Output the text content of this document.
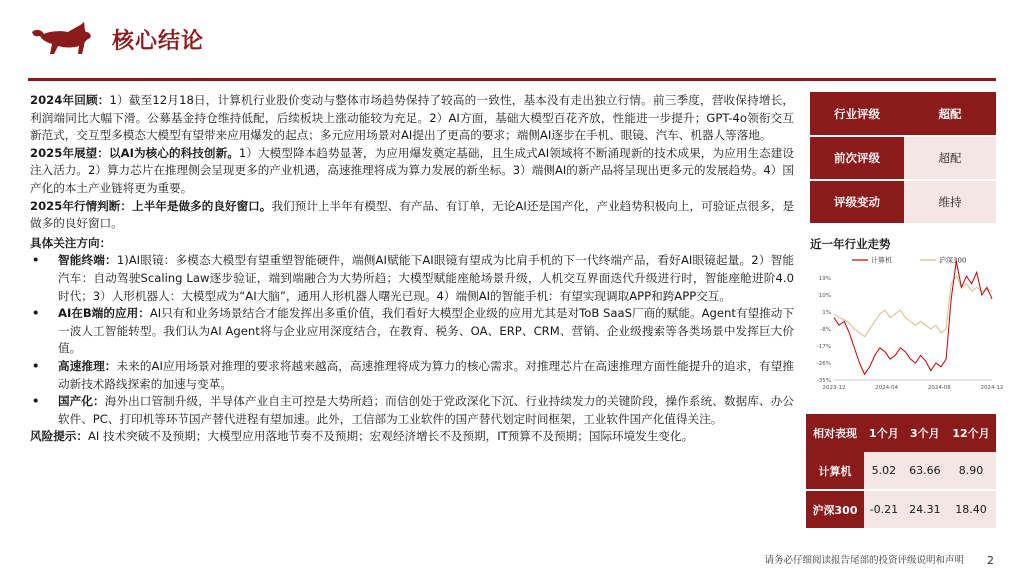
核心结论

2024年回顾：1）截至12月18日，计算机行业股价变动与整体市场趋势保持了较高的一致性，基本没有走出独立行情。前三季度，营收保持增长，利润端同比大幅下滑。公募基金持仓维持低配，后续板块上涨动能较为充足。2）AI方面，基础大模型百花齐放，性能进一步提升；GPT-4o领衔交互新范式，交互型多模态大模型有望带来应用爆发的起点；多元应用场景对AI提出了更高的要求；端侧AI逐步在手机、眼镜、汽车、机器人等落地。

2025年展望：以AI为核心的科技创新。1）大模型降本趋势显著，为应用爆发奠定基础，且生成式AI领域将不断涌现新的技术成果，为应用生态建设注入活力。2）算力芯片在推理侧会呈现更多的产业机遇，高速推理将成为算力发展的新坐标。3）端侧AI的新产品将呈现出更多元的发展趋势。4）国产化的本土产业链将更为重要。

2025年行情判断：上半年是做多的良好窗口。我们预计上半年有模型、有产品、有订单，无论AI还是国产化，产业趋势积极向上，可验证点很多，是做多的良好窗口。

具体关注方向：

• 智能终端：1)AI眼镜：多模态大模型有望重塑智能硬件，端侧AI赋能下AI眼镜有望成为比肩手机的下一代终端产品，看好AI眼镜起量。2）智能汽车：自动驾驶Scaling Law逐步验证，端到端融合为大势所趋；大模型赋能座舱场景升级，人机交互界面迭代升级进行时，智能座舱进阶4.0时代；3）人形机器人：大模型成为“AI大脑”，通用人形机器人曙光已现。4）端侧AI的智能手机：有望实现调取APP和跨APP交互。
• AI在B端的应用：AI只有和业务场景结合才能发挥出多重价值，我们看好大模型企业级的应用尤其是对ToB SaaS厂商的赋能。Agent有望推动下一波人工智能转型。我们认为AI Agent将与企业应用深度结合，在教育、税务、OA、ERP、CRM、营销、企业级搜索等各类场景中发挥巨大价值。
• 高速推理：未来的AI应用场景对推理的要求将越来越高，高速推理将成为算力的核心需求。对推理芯片在高速推理方面性能提升的追求，有望推动新技术路线探索的加速与变革。
• 国产化：海外出口管制升级，半导体产业自主可控是大势所趋；而信创处于党政深化下沉、行业持续发力的关键阶段，操作系统、数据库、办公软件、PC、打印机等环节国产替代进程有望加速。此外，工信部为工业软件的国产替代划定时间框架，工业软件国产化值得关注。

风险提示：AI 技术突破不及预期；大模型应用落地节奏不及预期；宏观经济增长不及预期，IT预算不及预期；国际环境发生变化。

行业评级	超配
前次评级	超配
评级变动	维持
近一年行业走势
计算机	沪深300
19%
10%
1%
-8%
-17%
-26%
-35%
2023-12	2024-04	2024-08	2024-12
相对表现	1个月	3个月	12个月
计算机	5.02	63.66	8.90
沪深300	-0.21	24.31	18.40
请务必仔细阅读报告尾部的投资评级说明和声明 2
